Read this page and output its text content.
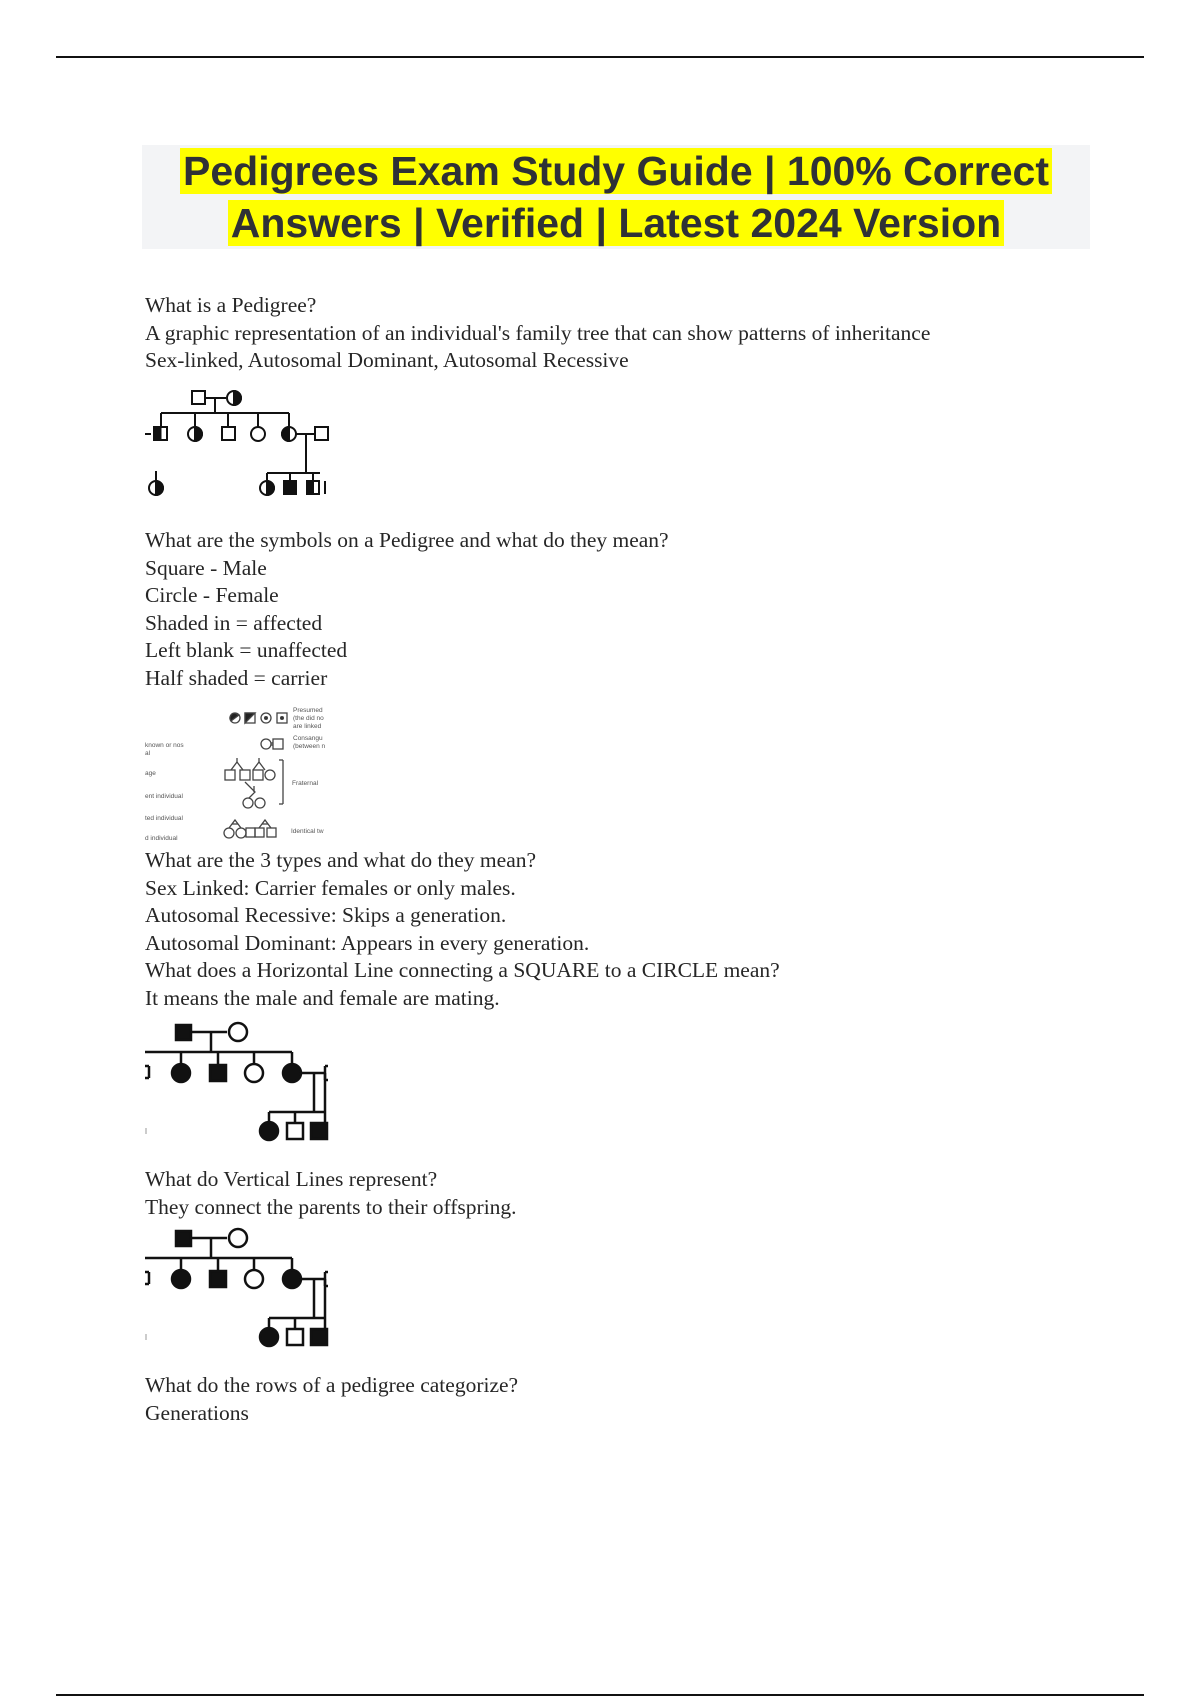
Pedigrees Exam Study Guide | 100% Correct
Answers | Verified | Latest 2024 Version

What is a Pedigree?

A graphic representation of an individual's family tree that can show patterns of inheritance

Sex-linked, Autosomal Dominant, Autosomal Recessive

What are the symbols on a Pedigree and what do they mean?

Square - Male

Circle - Female

Shaded in = affected

Left blank = unaffected

Half shaded = carrier

Presumed
(the did no
are linked
Consangu
(between n
Fraternal
Identical tw
known or nos
al
age
ent individual
ted individual
d individual

What are the 3 types and what do they mean?

Sex Linked: Carrier females or only males.

Autosomal Recessive: Skips a generation.

Autosomal Dominant: Appears in every generation.

What does a Horizontal Line connecting a SQUARE to a CIRCLE mean?

It means the male and female are mating.

What do Vertical Lines represent?

They connect the parents to their offspring.

What do the rows of a pedigree categorize?

Generations
